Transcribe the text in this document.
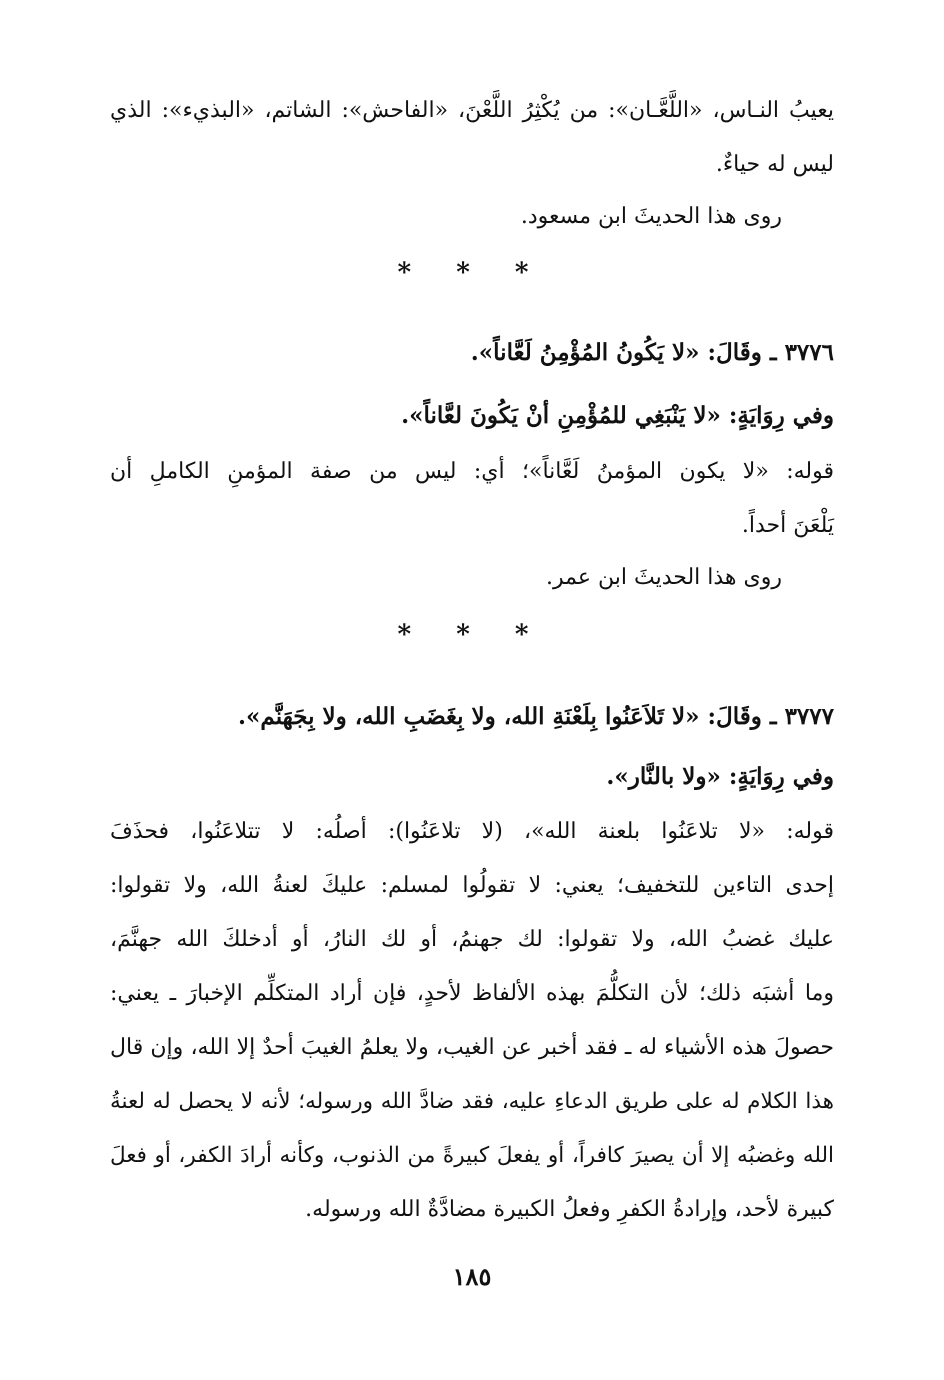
يعيبُ النـاس، «اللَّعَّـان»: من يُكْثِرُ اللَّعْنَ، «الفاحش»: الشاتم، «البذيء»: الذي
ليس له حياءٌ.
روى هذا الحديثَ ابن مسعود.
* * *
٣٧٧٦ ـ وقَالَ: «لا يَكُونُ المُؤْمِنُ لَعَّاناً».
وفي رِوَايَةٍ: «لا يَنْبَغِي للمُؤْمِنِ أنْ يَكُونَ لعَّاناً».
قوله: «لا يكون المؤمنُ لَعَّاناً»؛ أي: ليس من صفة المؤمنِ الكاملِ أن
يَلْعَنَ أحداً.
روى هذا الحديثَ ابن عمر.
* * *
٣٧٧٧ ـ وقَالَ: «لا تَلاَعَنُوا بِلَعْنَةِ الله، ولا بِغَضَبِ الله، ولا بِجَهَنَّم».
وفي رِوَايَةٍ: «ولا بالنَّار».
قوله: «لا تلاعَنُوا بلعنة الله»، (لا تلاعَنُوا): أصلُه: لا تتلاعَنُوا، فحذَفَ
إحدى التاءين للتخفيف؛ يعني: لا تقولُوا لمسلم: عليكَ لعنةُ الله، ولا تقولوا:
عليك غضبُ الله، ولا تقولوا: لك جهنمُ، أو لك النارُ، أو أدخلكَ الله جهنَّمَ،
وما أشبَه ذلك؛ لأن التكلُّمَ بهذه الألفاظ لأحدٍ، فإن أراد المتكلِّم الإخبارَ ـ يعني:
حصولَ هذه الأشياء له ـ فقد أخبر عن الغيب، ولا يعلمُ الغيبَ أحدٌ إلا الله، وإن قال
هذا الكلام له على طريق الدعاءِ عليه، فقد ضادَّ الله ورسوله؛ لأنه لا يحصل له لعنةُ
الله وغضبُه إلا أن يصيرَ كافراً، أو يفعلَ كبيرةً من الذنوب، وكأنه أرادَ الكفر، أو فعلَ
كبيرة لأحد، وإرادةُ الكفرِ وفعلُ الكبيرة مضادَّةٌ الله ورسوله.
١٨٥
